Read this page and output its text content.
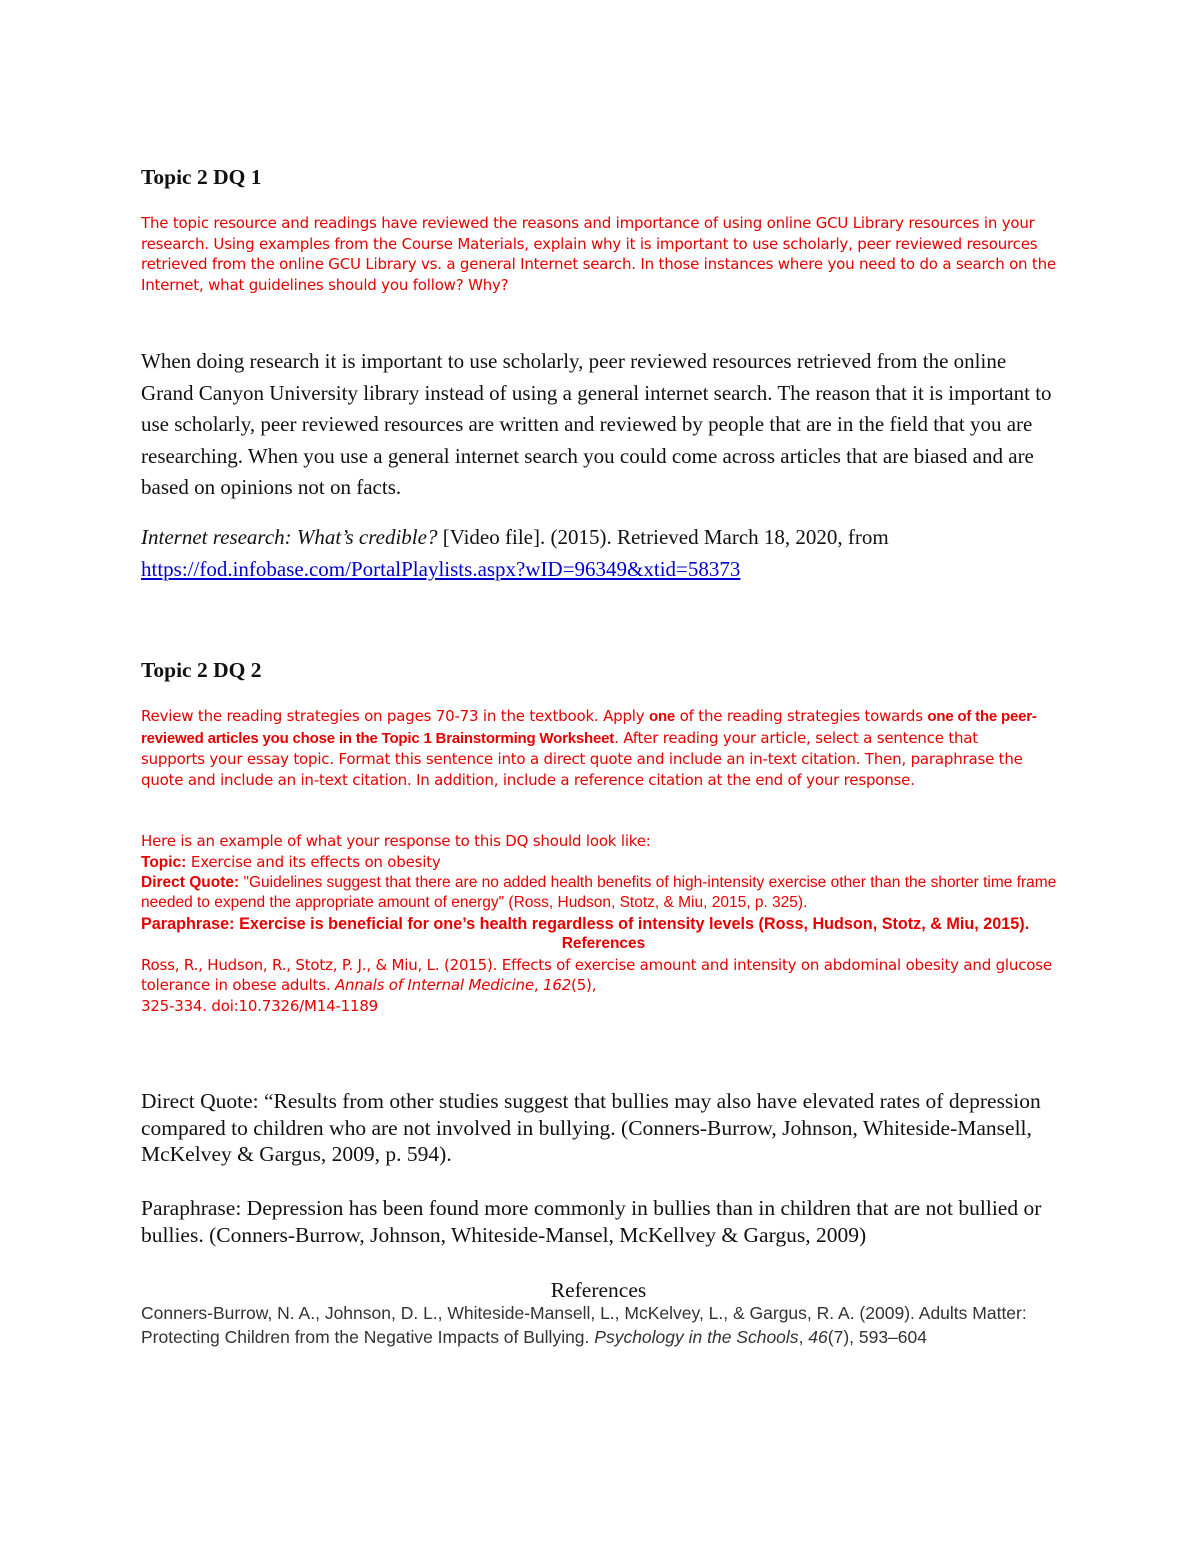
Topic 2 DQ 1

The topic resource and readings have reviewed the reasons and importance of using online GCU Library resources in your research. Using examples from the Course Materials, explain why it is important to use scholarly, peer reviewed resources retrieved from the online GCU Library vs. a general Internet search. In those instances where you need to do a search on the Internet, what guidelines should you follow? Why?

When doing research it is important to use scholarly, peer reviewed resources retrieved from the online Grand Canyon University library instead of using a general internet search. The reason that it is important to use scholarly, peer reviewed resources are written and reviewed by people that are in the field that you are researching. When you use a general internet search you could come across articles that are biased and are based on opinions not on facts.

Internet research: What’s credible? [Video file]. (2015). Retrieved March 18, 2020, from
https://fod.infobase.com/PortalPlaylists.aspx?wID=96349&xtid=58373

Topic 2 DQ 2

Review the reading strategies on pages 70-73 in the textbook. Apply one of the reading strategies towards one of the peer-reviewed articles you chose in the Topic 1 Brainstorming Worksheet. After reading your article, select a sentence that supports your essay topic. Format this sentence into a direct quote and include an in-text citation. Then, paraphrase the quote and include an in-text citation. In addition, include a reference citation at the end of your response.

Here is an example of what your response to this DQ should look like:
Topic: Exercise and its effects on obesity
Direct Quote: "Guidelines suggest that there are no added health benefits of high-intensity exercise other than the shorter time frame needed to expend the appropriate amount of energy" (Ross, Hudson, Stotz, & Miu, 2015, p. 325).
Paraphrase: Exercise is beneficial for one’s health regardless of intensity levels (Ross, Hudson, Stotz, & Miu, 2015).
References
Ross, R., Hudson, R., Stotz, P. J., & Miu, L. (2015). Effects of exercise amount and intensity on abdominal obesity and glucose tolerance in obese adults. Annals of Internal Medicine, 162(5),
325-334. doi:10.7326/M14-1189

Direct Quote: “Results from other studies suggest that bullies may also have elevated rates of depression compared to children who are not involved in bullying. (Conners-Burrow, Johnson, Whiteside-Mansell, McKelvey & Gargus, 2009, p. 594).

Paraphrase: Depression has been found more commonly in bullies than in children that are not bullied or bullies. (Conners-Burrow, Johnson, Whiteside-Mansel, McKellvey & Gargus, 2009)

References

Conners-Burrow, N. A., Johnson, D. L., Whiteside-Mansell, L., McKelvey, L., & Gargus, R. A. (2009). Adults Matter: Protecting Children from the Negative Impacts of Bullying. Psychology in the Schools, 46(7), 593–604
